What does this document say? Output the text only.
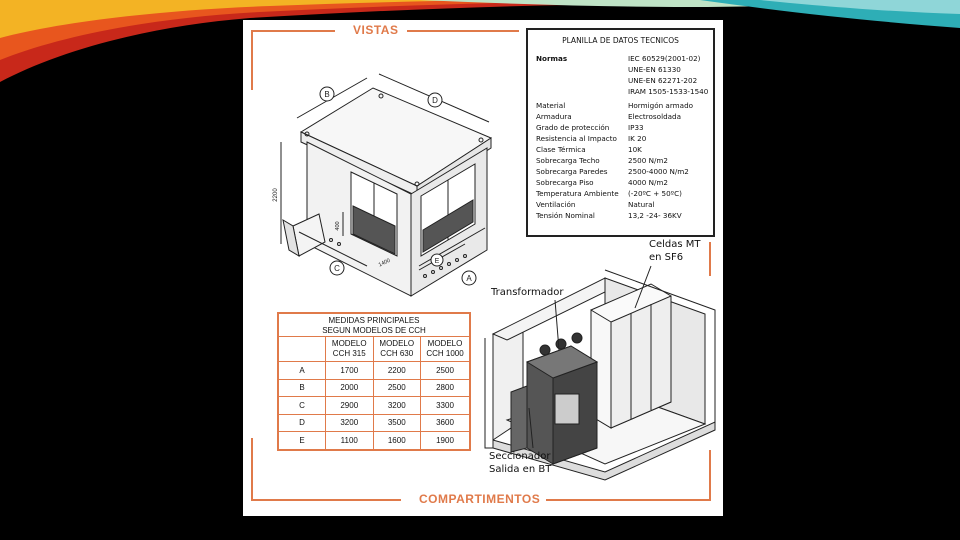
VISTAS
COMPARTIMENTOS
B
D
C
A
E
2200
400
1400
PLANILLA DE DATOS TECNICOS
Normas	IEC 60529(2001-02)
UNE-EN 61330
UNE-EN 62271-202
IRAM 1505-1533-1540
Material	Hormigón armado
Armadura	Electrosoldada
Grado de protección	IP33
Resistencia al Impacto	IK 20
Clase Térmica	10K
Sobrecarga Techo	2500 N/m2
Sobrecarga Paredes	2500-4000 N/m2
Sobrecarga Piso	4000 N/m2
Temperatura Ambiente	(-20ºC + 50ºC)
Ventilación	Natural
Tensión Nominal	13,2 -24- 36KV
MEDIDAS PRINCIPALES
SEGUN MODELOS DE CCH			
	MODELO CCH 315	MODELO CCH 630	MODELO CCH 1000
A	1700	2200	2500
B	2000	2500	2800
C	2900	3200	3300
D	3200	3500	3600
E	1100	1600	1900
Celdas MT
en SF6
Transformador
Seccionador
Salida en BT
